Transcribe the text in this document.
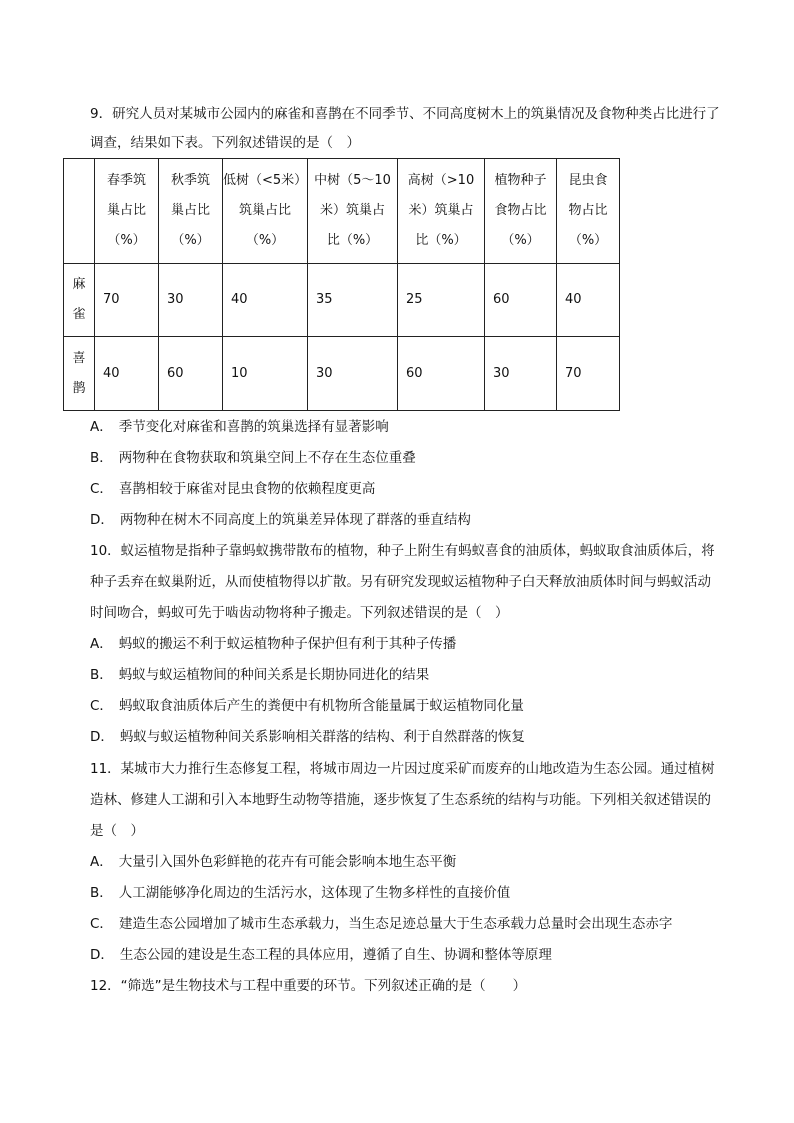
9．研究人员对某城市公园内的麻雀和喜鹊在不同季节、不同高度树木上的筑巢情况及食物种类占比进行了
调查，结果如下表。下列叙述错误的是（　）

	春季筑
巢占比
（%）	秋季筑
巢占比
（%）	低树（<5米）
筑巢占比
（%）	中树（5～10
米）筑巢占
比（%）	高树（>10
米）筑巢占
比（%）	植物种子
食物占比
（%）	昆虫食
物占比
（%）

麻
雀	70	30	40	35	25	60	40

喜
鹊	40	60	10	30	60	30	70
A． 季节变化对麻雀和喜鹊的筑巢选择有显著影响
B． 两物种在食物获取和筑巢空间上不存在生态位重叠
C． 喜鹊相较于麻雀对昆虫食物的依赖程度更高
D． 两物种在树木不同高度上的筑巢差异体现了群落的垂直结构
10．蚁运植物是指种子靠蚂蚁携带散布的植物，种子上附生有蚂蚁喜食的油质体，蚂蚁取食油质体后，将
种子丢弃在蚁巢附近，从而使植物得以扩散。另有研究发现蚁运植物种子白天释放油质体时间与蚂蚁活动
时间吻合，蚂蚁可先于啮齿动物将种子搬走。下列叙述错误的是（　）
A． 蚂蚁的搬运不利于蚁运植物种子保护但有利于其种子传播
B． 蚂蚁与蚁运植物间的种间关系是长期协同进化的结果
C． 蚂蚁取食油质体后产生的粪便中有机物所含能量属于蚁运植物同化量
D． 蚂蚁与蚁运植物种间关系影响相关群落的结构、利于自然群落的恢复
11．某城市大力推行生态修复工程，将城市周边一片因过度采矿而废弃的山地改造为生态公园。通过植树
造林、修建人工湖和引入本地野生动物等措施，逐步恢复了生态系统的结构与功能。下列相关叙述错误的
是（　）
A． 大量引入国外色彩鲜艳的花卉有可能会影响本地生态平衡
B． 人工湖能够净化周边的生活污水，这体现了生物多样性的直接价值
C． 建造生态公园增加了城市生态承载力，当生态足迹总量大于生态承载力总量时会出现生态赤字
D． 生态公园的建设是生态工程的具体应用，遵循了自生、协调和整体等原理
12．“筛选”是生物技术与工程中重要的环节。下列叙述正确的是（　　）
